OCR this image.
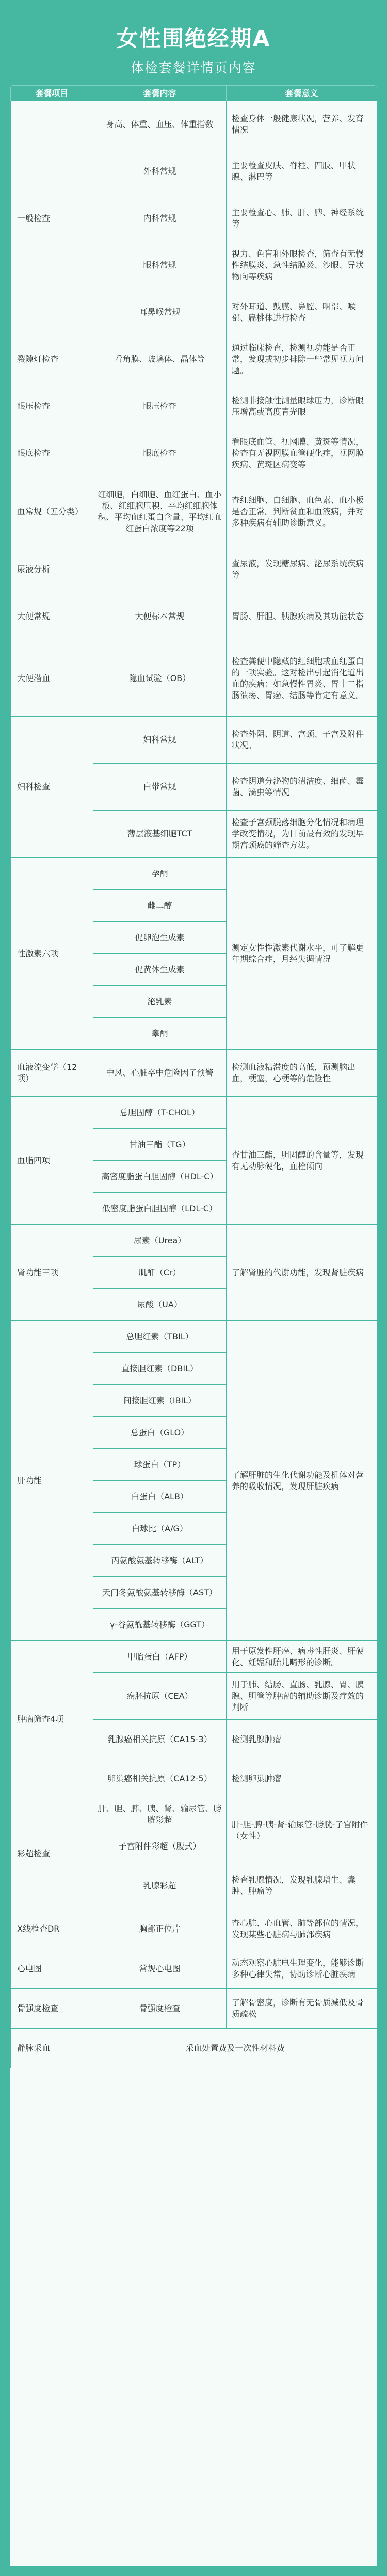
女性围绝经期A
体检套餐详情页内容
套餐项目	套餐内容	套餐意义
一般检查	身高、体重、血压、体重指数	检查身体一般健康状况，营养、发育情况
	外科常规	主要检查皮肤、脊柱、四肢、甲状腺、淋巴等
	内科常规	主要检查心、肺、肝、脾、神经系统等
	眼科常规	视力、色盲和外眼检查，筛查有无慢性结膜炎、急性结膜炎、沙眼、异状物向等疾病
	耳鼻喉常规	对外耳道、鼓膜、鼻腔、咽部、喉部、扁桃体进行检查
裂隙灯检查	看角膜、玻璃体、晶体等	通过临床检查，检测视功能是否正常，发现或初步排除一些常见视力问题。
眼压检查	眼压检查	检测非接触性测量眼球压力，诊断眼压增高或高度青光眼
眼底检查	眼底检查	看眼底血管、视网膜、黄斑等情况，检查有无视网膜血管硬化症，视网膜疾病、黄斑区病变等
血常规（五分类）	红细胞，白细胞、血红蛋白、血小板、红细胞压积、平均红细胞体积、平均血红蛋白含量、平均红血红蛋白浓度等22项	查红细胞、白细胞、血色素、血小板是否正常。判断贫血和血液病，并对多种疾病有辅助诊断意义。
尿液分析		查尿液，发现糖尿病、泌尿系统疾病等
大便常规	大便标本常规	胃肠、肝胆、胰腺疾病及其功能状态
大便潜血	隐血试验（OB）	检查粪便中隐藏的红细胞或血红蛋白的一项实验。这对检出引起消化道出血的疾病：如急慢性胃炎、胃十二指肠溃疡、胃癌、结肠等肯定有意义。
妇科检查	妇科常规	检查外阴、阴道、宫颈、子宫及附件状况。
	白带常规	检查阴道分泌物的清洁度、细菌、霉菌、滴虫等情况
	薄层液基细胞TCT	检查子宫颈脱落细胞分化情况和病理学改变情况，为目前最有效的发现早期宫颈癌的筛查方法。
性激素六项	孕酮	测定女性性激素代谢水平，可了解更年期综合症，月经失调情况
	雌二醇	
	促卵泡生成素	
	促黄体生成素	
	泌乳素	
	睾酮	
血液流变学（12项）	中风、心脏卒中危险因子预警	检测血液粘滞度的高低，预测脑出血，梗塞，心梗等的危险性
血脂四项	总胆固醇（T-CHOL）	查甘油三酯，胆固醇的含量等，发现有无动脉硬化，血栓倾向
	甘油三酯（TG）	
	高密度脂蛋白胆固醇（HDL-C）	
	低密度脂蛋白胆固醇（LDL-C）	
肾功能三项	尿素（Urea）	了解肾脏的代谢功能，发现肾脏疾病
	肌酐（Cr）	
	尿酸（UA）	
肝功能	总胆红素（TBIL）	了解肝脏的生化代谢功能及机体对营养的吸收情况，发现肝脏疾病
	直接胆红素（DBIL）	
	间接胆红素（IBIL）	
	总蛋白（GLO）	
	球蛋白（TP）	
	白蛋白（ALB）	
	白球比（A/G）	
	丙氨酸氨基转移酶（ALT）	
	天门冬氨酸氨基转移酶（AST）	
	γ-谷氨酰基转移酶（GGT）	
肿瘤筛查4项	甲胎蛋白（AFP）	用于原发性肝癌、病毒性肝炎、肝硬化、妊娠和胎儿畸形的诊断。
	癌胚抗原（CEA）	用于肺、结肠、直肠、乳腺、胃、胰腺、胆管等肿瘤的辅助诊断及疗效的判断
	乳腺癌相关抗原（CA15-3）	检测乳腺肿瘤
	卵巢癌相关抗原（CA12-5）	检测卵巢肿瘤
彩超检查	肝、胆、脾、胰、肾、输尿管、膀胱彩超	肝-胆-脾-胰-肾-输尿管-膀胱-子宫附件（女性）
	子宫附件彩超（腹式）	
	乳腺彩超	检查乳腺情况，发现乳腺增生、囊肿、肿瘤等
X线检查DR	胸部正位片	查心脏、心血管、肺等部位的情况，发现某些心脏病与肺部疾病
心电图	常规心电图	动态观察心脏电生理变化，能够诊断多种心律失常，协助诊断心脏疾病
骨强度检查	骨强度检查	了解骨密度，诊断有无骨质减低及骨质疏松
静脉采血	采血处置费及一次性材料费	
